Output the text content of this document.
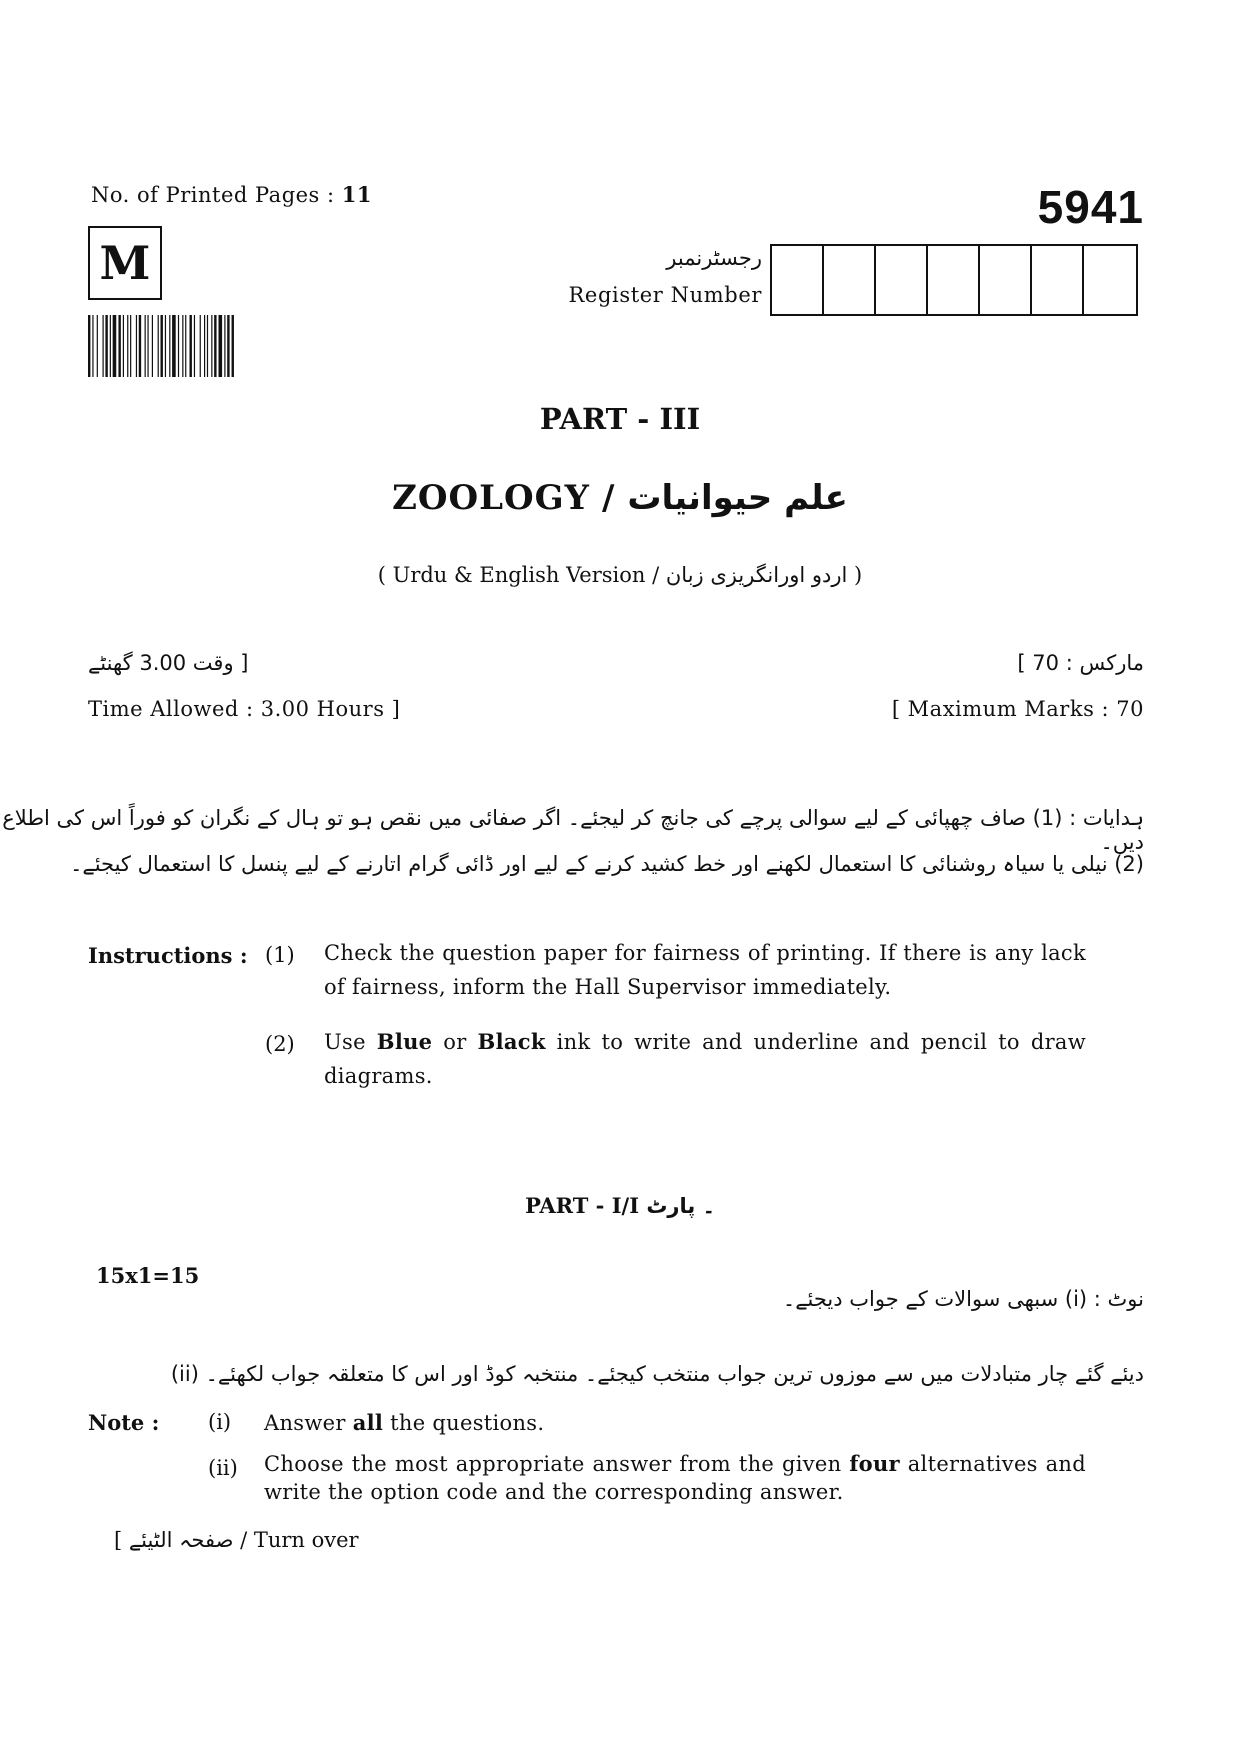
No. of Printed Pages : 11	5941
M	رجسٹرنمبر
Register Number
PART - III
ZOOLOGY / علم حیوانیات
( Urdu & English Version / اردو اورانگریزی زبان )
[ وقت 3.00 گھنٹے	مارکس : 70 ]
Time Allowed : 3.00 Hours ]	[ Maximum Marks : 70
ہدایات : (1) صاف چھپائی کے لیے سوالی پرچے کی جانچ کر لیجئے۔ اگر صفائی میں نقص ہو تو ہال کے نگران کو فوراً اس کی اطلاع دیں۔
(2) نیلی یا سیاہ روشنائی کا استعمال لکھنے اور خط کشید کرنے کے لیے اور ڈائی گرام اتارنے کے لیے پنسل کا استعمال کیجئے۔
Instructions : (1) Check the question paper for fairness of printing. If there is any lack of fairness, inform the Hall Supervisor immediately.
(2) Use Blue or Black ink to write and underline and pencil to draw diagrams.
PART - I/I ۔ پارٹ
15x1=15
نوٹ : (i) سبھی سوالات کے جواب دیجئے۔
(ii) دیئے گئے چار متبادلات میں سے موزوں ترین جواب منتخب کیجئے۔ منتخبہ کوڈ اور اس کا متعلقہ جواب لکھئے۔
Note : (i) Answer all the questions.
(ii) Choose the most appropriate answer from the given four alternatives and write the option code and the corresponding answer.
[ صفحہ الٹیئے / Turn over
